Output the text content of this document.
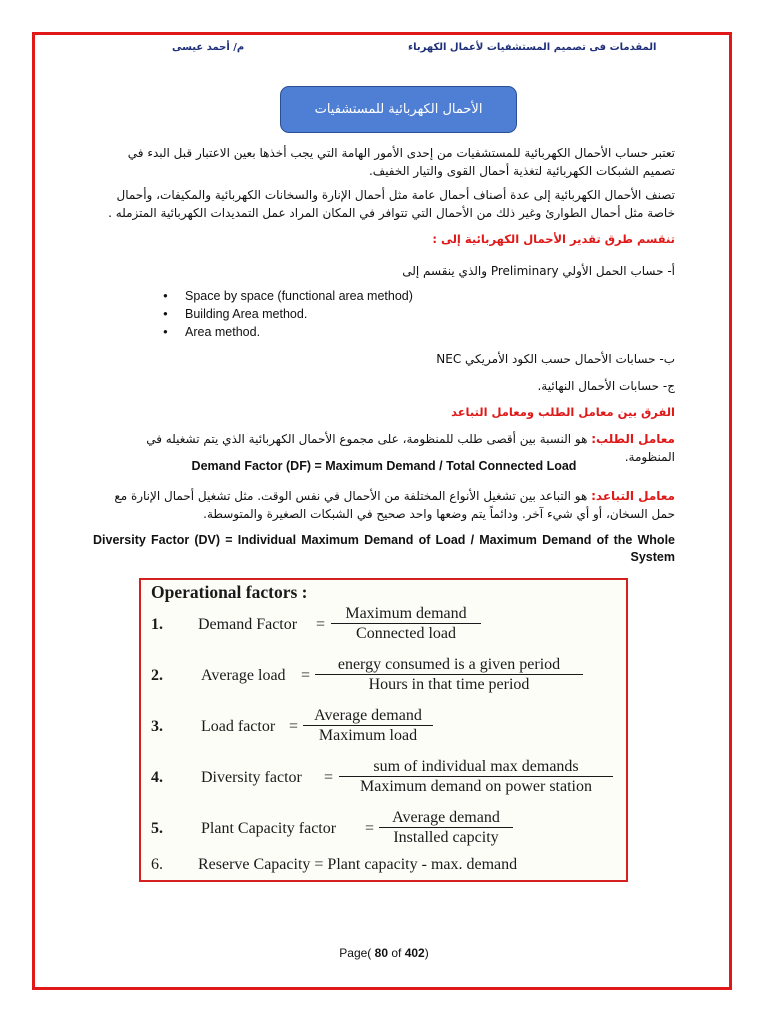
م/ أحمد عيسى	المقدمات فى تصميم المستشفيات لأعمال الكهرباء
الأحمال الكهربائية للمستشفيات
تعتبر حساب الأحمال الكهربائية للمستشفيات من إحدى الأمور الهامة التي يجب أخذها بعين الاعتبار قبل البدء في تصميم الشبكات الكهربائية لتغذية أحمال القوى والتيار الخفيف.
تصنف الأحمال الكهربائية إلى عدة أصناف أحمال عامة مثل أحمال الإنارة والسخانات الكهربائية والمكيفات، وأحمال خاصة مثل أحمال الطوارئ وغير ذلك من الأحمال التي تتوافر في المكان المراد عمل التمديدات الكهربائية المتزمله .
تنقسم طرق تقدير الأحمال الكهربائية إلى :
أ- حساب الحمل الأولي Preliminary والذي ينقسم إلى
● Space by space (functional area method)
● Building Area method.
● Area method.
ب- حسابات الأحمال حسب الكود الأمريكي NEC
ج- حسابات الأحمال النهائية.
الفرق بين معامل الطلب ومعامل التباعد
معامل الطلب: هو النسبة بين أقصى طلب للمنظومة، على مجموع الأحمال الكهربائية الذي يتم تشغيله في المنظومة.
Demand Factor (DF) = Maximum Demand / Total Connected Load
معامل التباعد: هو التباعد بين تشغيل الأنواع المختلفة من الأحمال في نفس الوقت. مثل تشغيل أحمال الإنارة مع حمل السخان، أو أي شيء آخر. ودائماً يتم وضعها واحد صحيح في الشبكات الصغيرة والمتوسطة.
Diversity Factor (DV) = Individual Maximum Demand of Load / Maximum Demand of the Whole System
Operational factors :
1. Demand Factor =
Maximum demand
Connected load
2. Average load =
energy consumed is a given period
Hours in that time period
3. Load factor =
Average demand
Maximum load
4. Diversity factor =
sum of individual max demands
Maximum demand on power station
5. Plant Capacity factor =
Average demand
Installed capcity
6. Reserve Capacity = Plant capacity - max. demand
Page( 80 of 402)
